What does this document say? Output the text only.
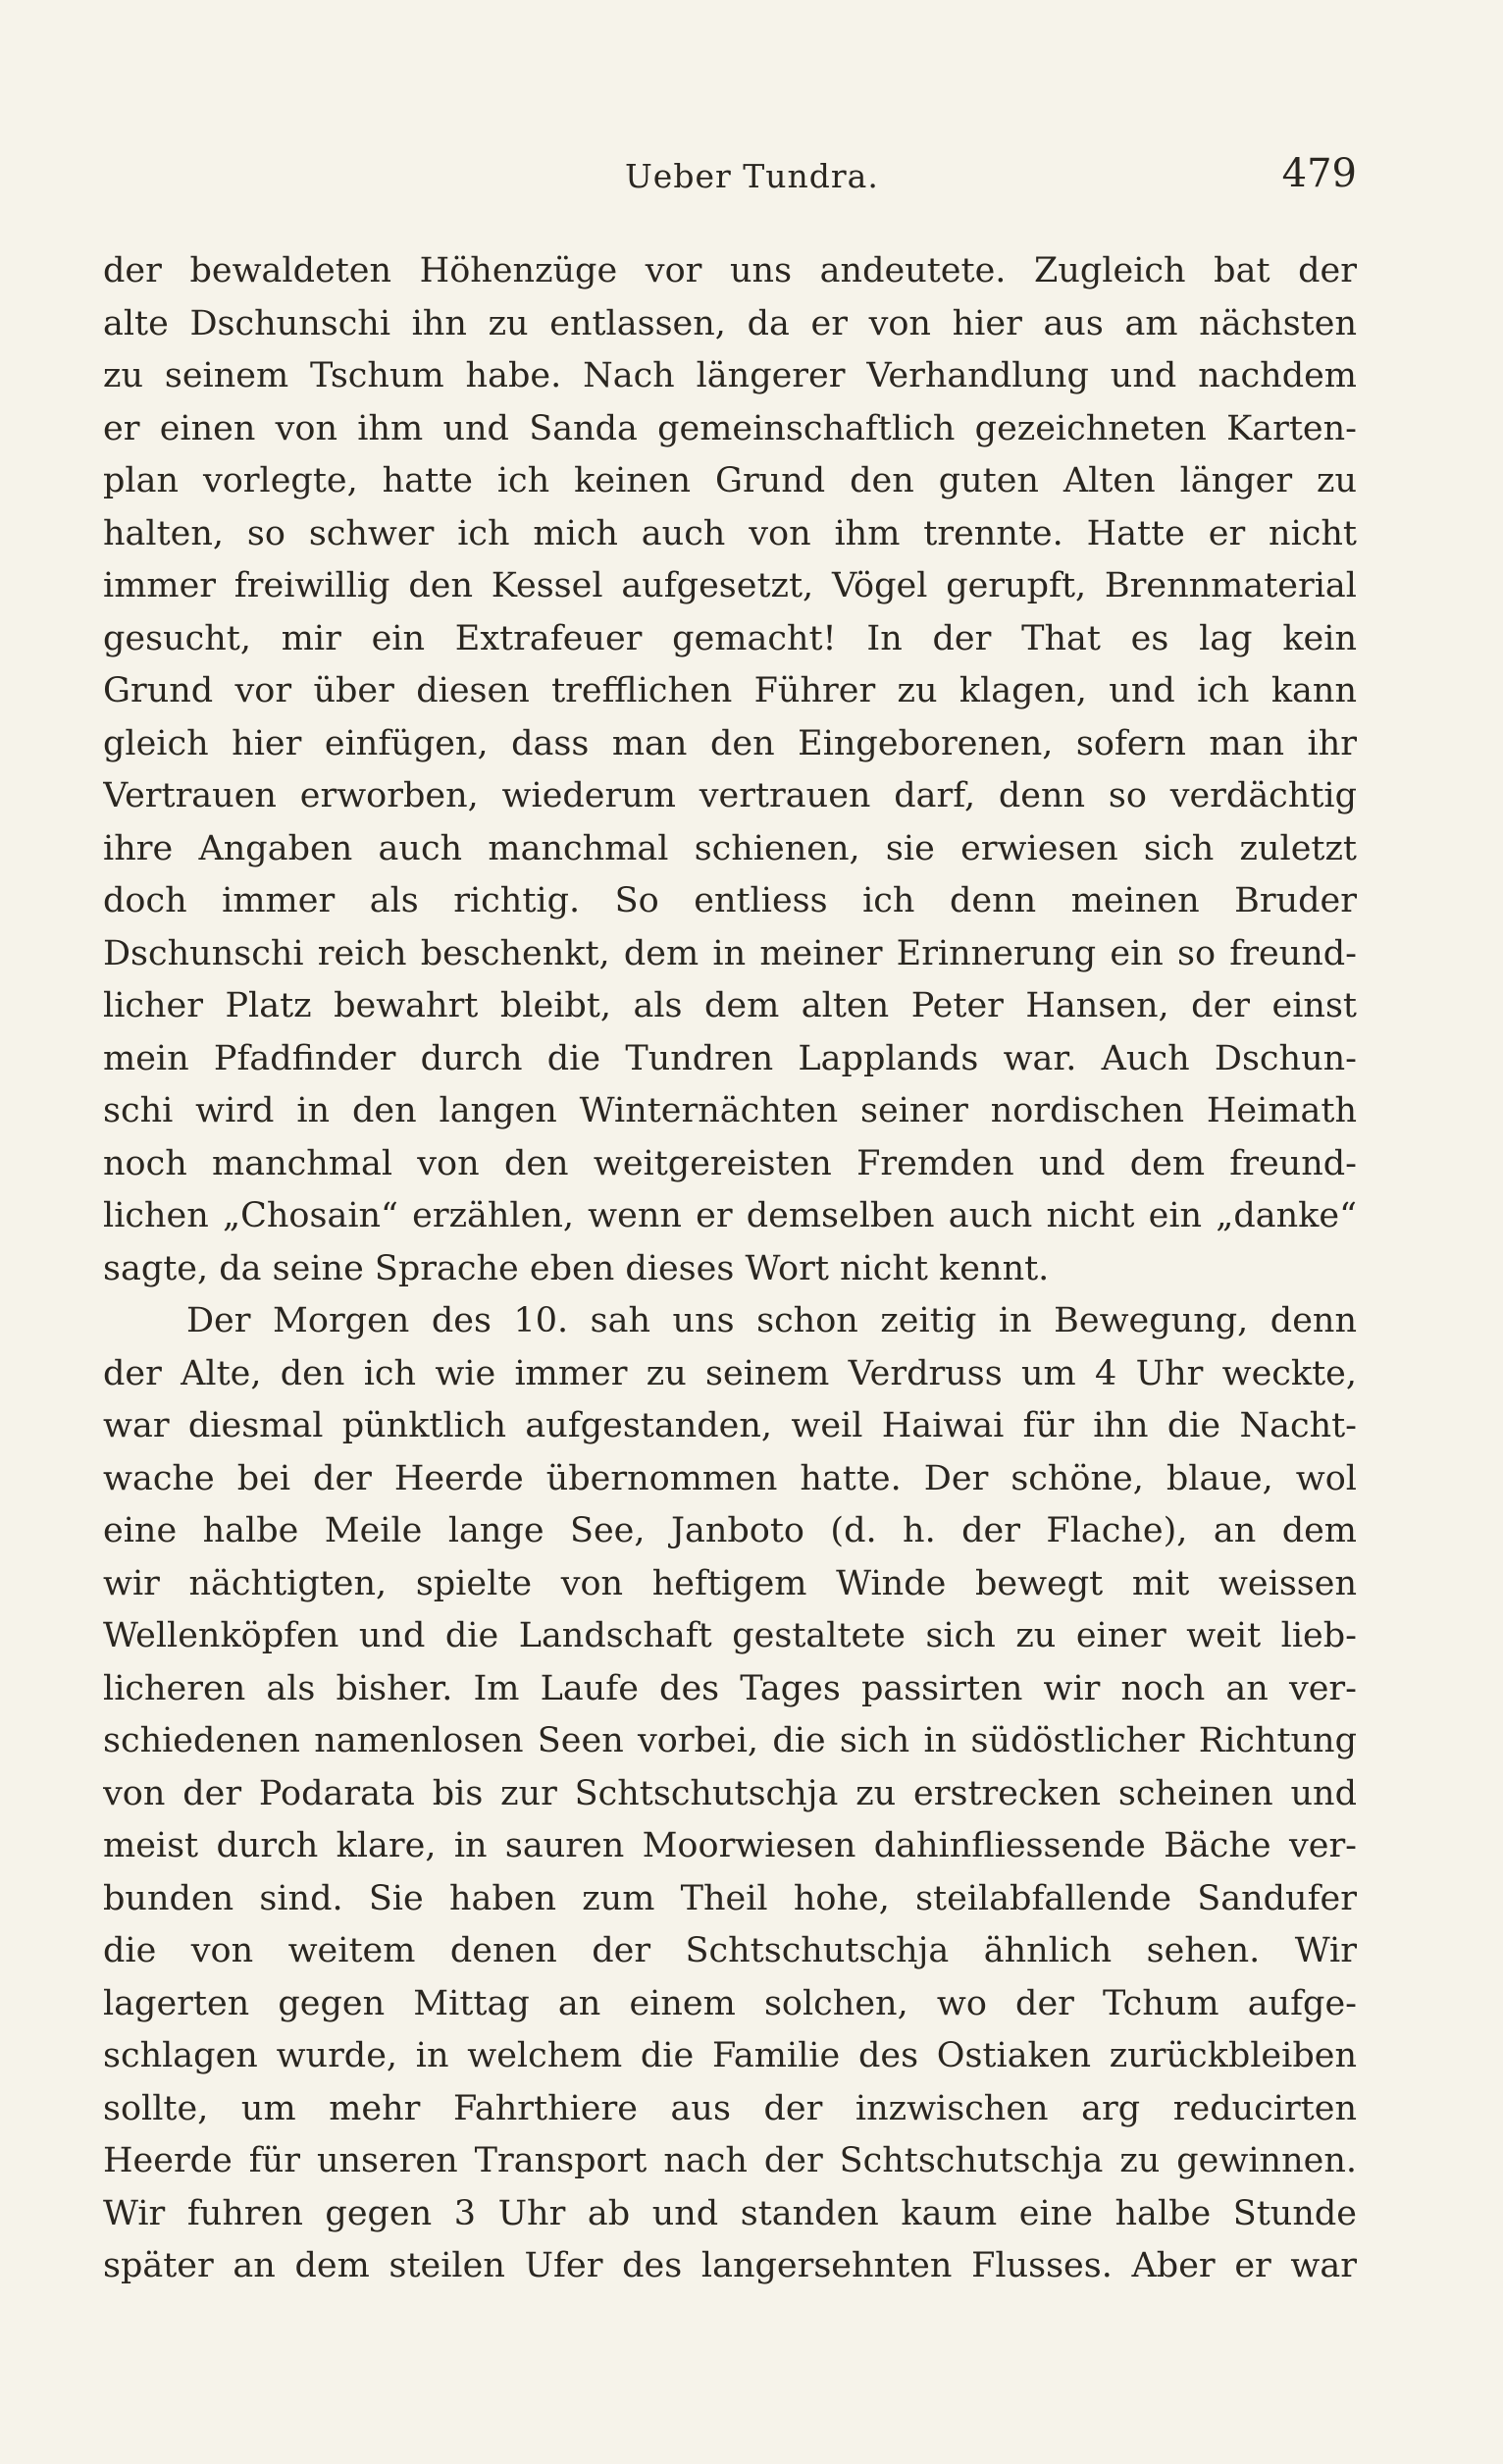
Ueber Tundra.	479
der bewaldeten Höhenzüge vor uns andeutete. Zugleich bat der
alte Dschunschi ihn zu entlassen, da er von hier aus am nächsten
zu seinem Tschum habe. Nach längerer Verhandlung und nachdem
er einen von ihm und Sanda gemeinschaftlich gezeichneten Karten-
plan vorlegte, hatte ich keinen Grund den guten Alten länger zu
halten, so schwer ich mich auch von ihm trennte. Hatte er nicht
immer freiwillig den Kessel aufgesetzt, Vögel gerupft, Brennmaterial
gesucht, mir ein Extrafeuer gemacht! In der That es lag kein
Grund vor über diesen trefflichen Führer zu klagen, und ich kann
gleich hier einfügen, dass man den Eingeborenen, sofern man ihr
Vertrauen erworben, wiederum vertrauen darf, denn so verdächtig
ihre Angaben auch manchmal schienen, sie erwiesen sich zuletzt
doch immer als richtig. So entliess ich denn meinen Bruder
Dschunschi reich beschenkt, dem in meiner Erinnerung ein so freund-
licher Platz bewahrt bleibt, als dem alten Peter Hansen, der einst
mein Pfadfinder durch die Tundren Lapplands war. Auch Dschun-
schi wird in den langen Winternächten seiner nordischen Heimath
noch manchmal von den weitgereisten Fremden und dem freund-
lichen „Chosain“ erzählen, wenn er demselben auch nicht ein „danke“
sagte, da seine Sprache eben dieses Wort nicht kennt.
Der Morgen des 10. sah uns schon zeitig in Bewegung, denn
der Alte, den ich wie immer zu seinem Verdruss um 4 Uhr weckte,
war diesmal pünktlich aufgestanden, weil Haiwai für ihn die Nacht-
wache bei der Heerde übernommen hatte. Der schöne, blaue, wol
eine halbe Meile lange See, Janboto (d. h. der Flache), an dem
wir nächtigten, spielte von heftigem Winde bewegt mit weissen
Wellenköpfen und die Landschaft gestaltete sich zu einer weit lieb-
licheren als bisher. Im Laufe des Tages passirten wir noch an ver-
schiedenen namenlosen Seen vorbei, die sich in südöstlicher Richtung
von der Podarata bis zur Schtschutschja zu erstrecken scheinen und
meist durch klare, in sauren Moorwiesen dahinfliessende Bäche ver-
bunden sind. Sie haben zum Theil hohe, steilabfallende Sandufer
die von weitem denen der Schtschutschja ähnlich sehen. Wir
lagerten gegen Mittag an einem solchen, wo der Tchum aufge-
schlagen wurde, in welchem die Familie des Ostiaken zurückbleiben
sollte, um mehr Fahrthiere aus der inzwischen arg reducirten
Heerde für unseren Transport nach der Schtschutschja zu gewinnen.
Wir fuhren gegen 3 Uhr ab und standen kaum eine halbe Stunde
später an dem steilen Ufer des langersehnten Flusses. Aber er war
